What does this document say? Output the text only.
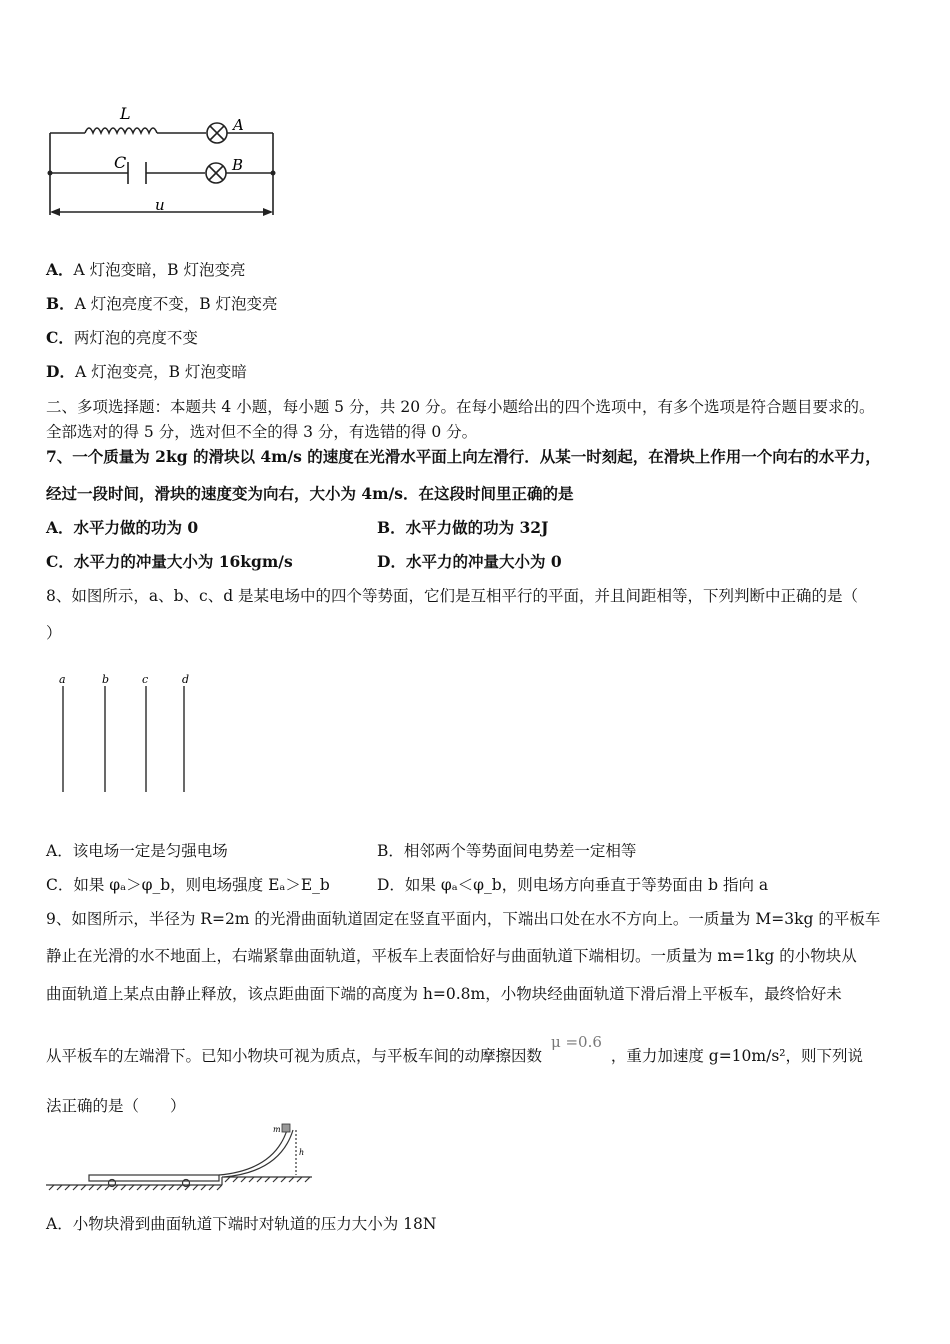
L
A
C	B
u
A．A 灯泡变暗，B 灯泡变亮
B．A 灯泡亮度不变，B 灯泡变亮
C．两灯泡的亮度不变
D．A 灯泡变亮，B 灯泡变暗
二、多项选择题：本题共 4 小题，每小题 5 分，共 20 分。在每小题给出的四个选项中，有多个选项是符合题目要求的。
全部选对的得 5 分，选对但不全的得 3 分，有选错的得 0 分。
7、一个质量为 2kg 的滑块以 4m/s 的速度在光滑水平面上向左滑行．从某一时刻起，在滑块上作用一个向右的水平力，
经过一段时间，滑块的速度变为向右，大小为 4m/s．在这段时间里正确的是
A．水平力做的功为 0	B．水平力做的功为 32J
C．水平力的冲量大小为 16kgm/s	D．水平力的冲量大小为 0
8、如图所示，a、b、c、d 是某电场中的四个等势面，它们是互相平行的平面，并且间距相等，下列判断中正确的是（
）
a	b	c	d
A．该电场一定是匀强电场	B．相邻两个等势面间电势差一定相等
C．如果 φₐ＞φ_b，则电场强度 Eₐ＞E_b	D．如果 φₐ＜φ_b，则电场方向垂直于等势面由 b 指向 a
9、如图所示，半径为 R=2m 的光滑曲面轨道固定在竖直平面内，下端出口处在水不方向上。一质量为 M=3kg 的平板车
静止在光滑的水不地面上，右端紧靠曲面轨道，平板车上表面恰好与曲面轨道下端相切。一质量为 m=1kg 的小物块从
曲面轨道上某点由静止释放，该点距曲面下端的高度为 h=0.8m，小物块经曲面轨道下滑后滑上平板车，最终恰好未
从平板车的左端滑下。已知小物块可视为质点，与平板车间的动摩擦因数 μ =0.6 ，重力加速度 g=10m/s²，则下列说
法正确的是（　　）
m
h
A．小物块滑到曲面轨道下端时对轨道的压力大小为 18N
